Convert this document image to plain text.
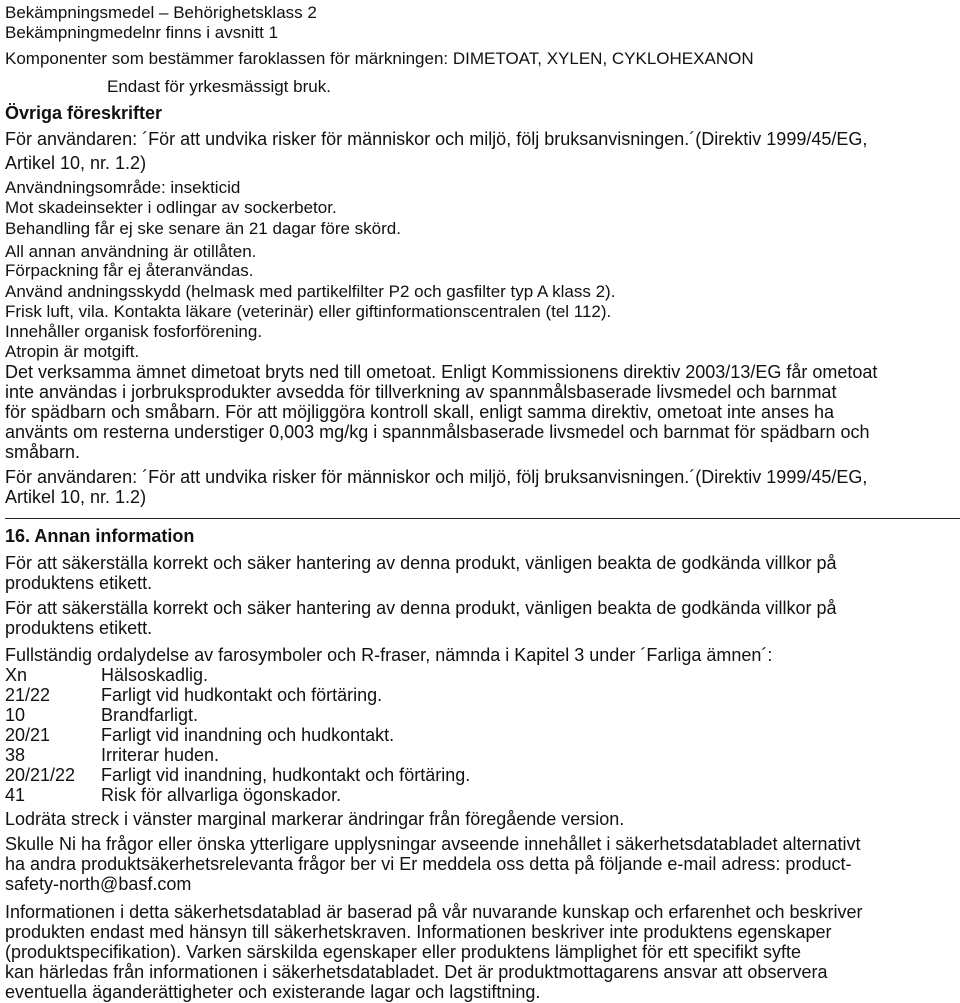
Bekämpningsmedel – Behörighetsklass 2
Bekämpningmedelnr finns i avsnitt 1
Komponenter som bestämmer faroklassen för märkningen: DIMETOAT, XYLEN, CYKLOHEXANON
Endast för yrkesmässigt bruk.
Övriga föreskrifter
För användaren: ´För att undvika risker för människor och miljö, följ bruksanvisningen.´(Direktiv 1999/45/EG,
Artikel 10, nr. 1.2)
Användningsområde: insekticid
Mot skadeinsekter i odlingar av sockerbetor.
Behandling får ej ske senare än 21 dagar före skörd.
All annan användning är otillåten.
Förpackning får ej återanvändas.
Använd andningsskydd (helmask med partikelfilter P2 och gasfilter typ A klass 2).
Frisk luft, vila. Kontakta läkare (veterinär) eller giftinformationscentralen (tel 112).
Innehåller organisk fosforförening.
Atropin är motgift.
Det verksamma ämnet dimetoat bryts ned till ometoat. Enligt Kommissionens direktiv 2003/13/EG får ometoat
inte användas i jorbruksprodukter avsedda för tillverkning av spannmålsbaserade livsmedel och barnmat
för spädbarn och småbarn. För att möjliggöra kontroll skall, enligt samma direktiv, ometoat inte anses ha
använts om resterna understiger 0,003 mg/kg i spannmålsbaserade livsmedel och barnmat för spädbarn och
småbarn.
För användaren: ´För att undvika risker för människor och miljö, följ bruksanvisningen.´(Direktiv 1999/45/EG,
Artikel 10, nr. 1.2)
16. Annan information
För att säkerställa korrekt och säker hantering av denna produkt, vänligen beakta de godkända villkor på
produktens etikett.
För att säkerställa korrekt och säker hantering av denna produkt, vänligen beakta de godkända villkor på
produktens etikett.
Fullständig ordalydelse av farosymboler och R-fraser, nämnda i Kapitel 3 under ´Farliga ämnen´:
Xn	Hälsoskadlig.
21/22	Farligt vid hudkontakt och förtäring.
10	Brandfarligt.
20/21	Farligt vid inandning och hudkontakt.
38	Irriterar huden.
20/21/22 Farligt vid inandning, hudkontakt och förtäring.
41	Risk för allvarliga ögonskador.
Lodräta streck i vänster marginal markerar ändringar från föregående version.
Skulle Ni ha frågor eller önska ytterligare upplysningar avseende innehållet i säkerhetsdatabladet alternativt
ha andra produktsäkerhetsrelevanta frågor ber vi Er meddela oss detta på följande e-mail adress: product-
safety-north@basf.com
Informationen i detta säkerhetsdatablad är baserad på vår nuvarande kunskap och erfarenhet och beskriver
produkten endast med hänsyn till säkerhetskraven. Informationen beskriver inte produktens egenskaper
(produktspecifikation). Varken särskilda egenskaper eller produktens lämplighet för ett specifikt syfte
kan härledas från informationen i säkerhetsdatabladet. Det är produktmottagarens ansvar att observera
eventuella äganderättigheter och existerande lagar och lagstiftning.
